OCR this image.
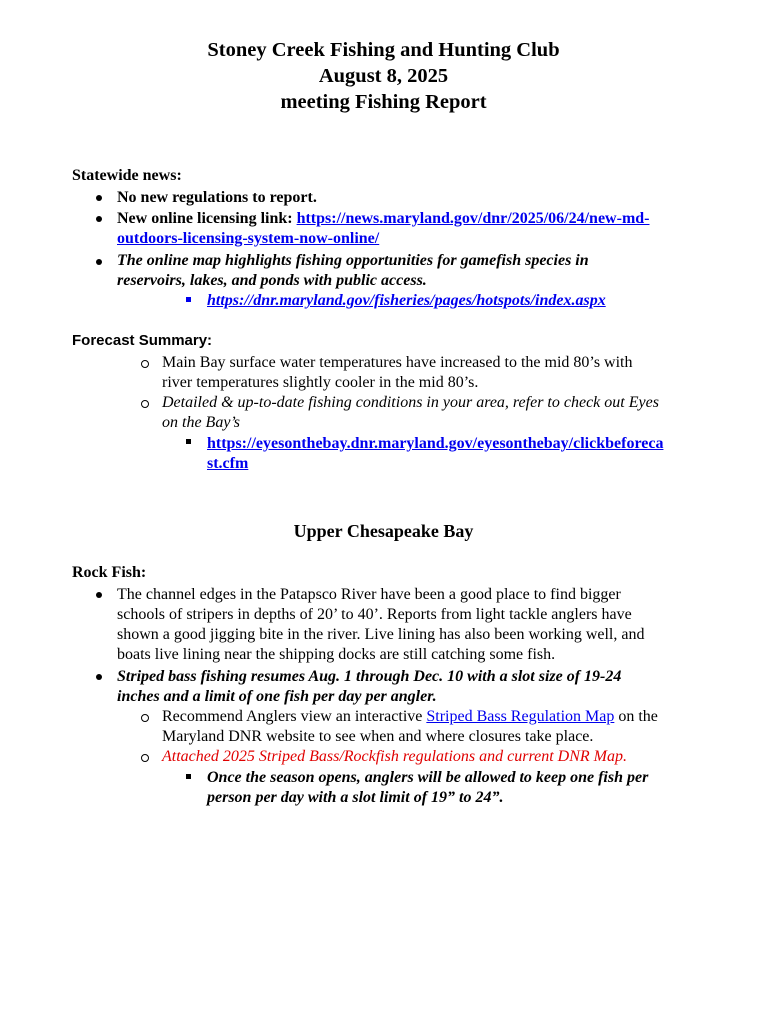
Stoney Creek Fishing and Hunting Club
August 8, 2025
meeting Fishing Report
Statewide news:
No new regulations to report.
New online licensing link: https://news.maryland.gov/dnr/2025/06/24/new-md-
outdoors-licensing-system-now-online/
The online map highlights fishing opportunities for gamefish species in
reservoirs, lakes, and ponds with public access.
https://dnr.maryland.gov/fisheries/pages/hotspots/index.aspx
Forecast Summary:
Main Bay surface water temperatures have increased to the mid 80’s with
river temperatures slightly cooler in the mid 80’s.
Detailed & up-to-date fishing conditions in your area, refer to check out Eyes
on the Bay’s
https://eyesonthebay.dnr.maryland.gov/eyesonthebay/clickbeforeca
st.cfm
Upper Chesapeake Bay
Rock Fish:
The channel edges in the Patapsco River have been a good place to find bigger
schools of stripers in depths of 20’ to 40’. Reports from light tackle anglers have
shown a good jigging bite in the river. Live lining has also been working well, and
boats live lining near the shipping docks are still catching some fish.
Striped bass fishing resumes Aug. 1 through Dec. 10 with a slot size of 19-24
inches and a limit of one fish per day per angler.
Recommend Anglers view an interactive Striped Bass Regulation Map on the
Maryland DNR website to see when and where closures take place.
Attached 2025 Striped Bass/Rockfish regulations and current DNR Map.
Once the season opens, anglers will be allowed to keep one fish per
person per day with a slot limit of 19” to 24”.
